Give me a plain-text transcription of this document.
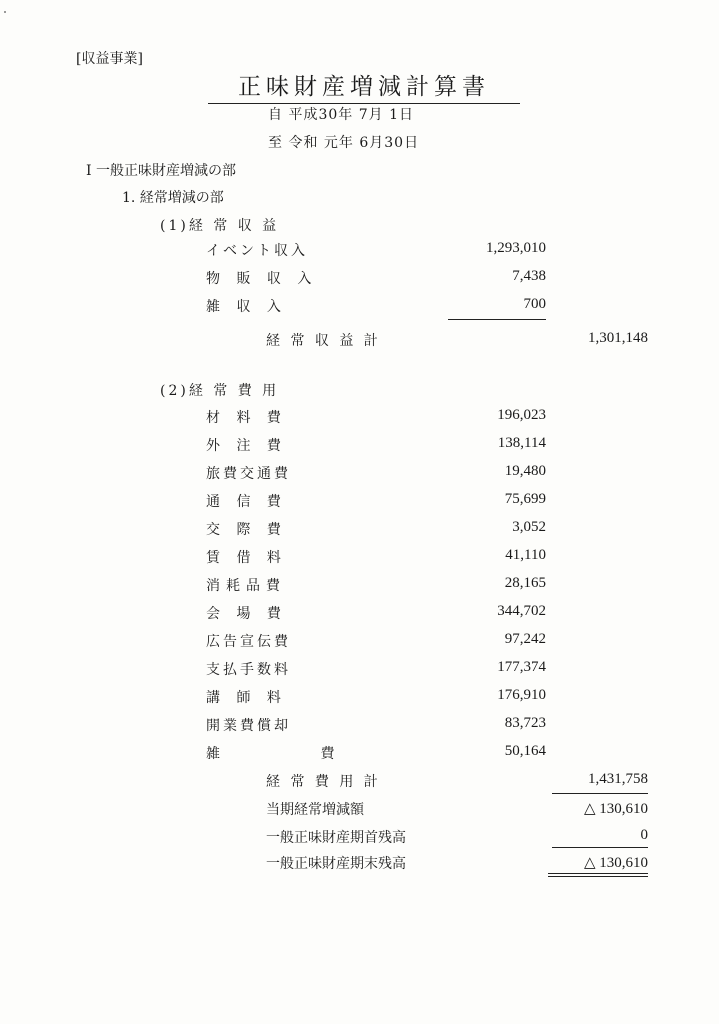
[収益事業]
正味財産増減計算書
自 平成30年 7月 1日
至 令和 元年 6月30日
Ⅰ 一般正味財産増減の部
1. 経常増減の部
(1)経 常 収 益
イベント収入	1,293,010
物 販 収 入	7,438
雑 収 入	700
経 常 収 益 計	1,301,148
(2)経 常 費 用
材 料 費	196,023
外 注 費	138,114
旅費交通費	19,480
通 信 費	75,699
交 際 費	3,052
賃 借 料	41,110
消耗品費	28,165
会 場 費	344,702
広告宣伝費	97,242
支払手数料	177,374
講 師 料	176,910
開業費償却	83,723
雑 費	50,164
経 常 費 用 計	1,431,758
当期経常増減額	△ 130,610
一般正味財産期首残高	0
一般正味財産期末残高	△ 130,610
